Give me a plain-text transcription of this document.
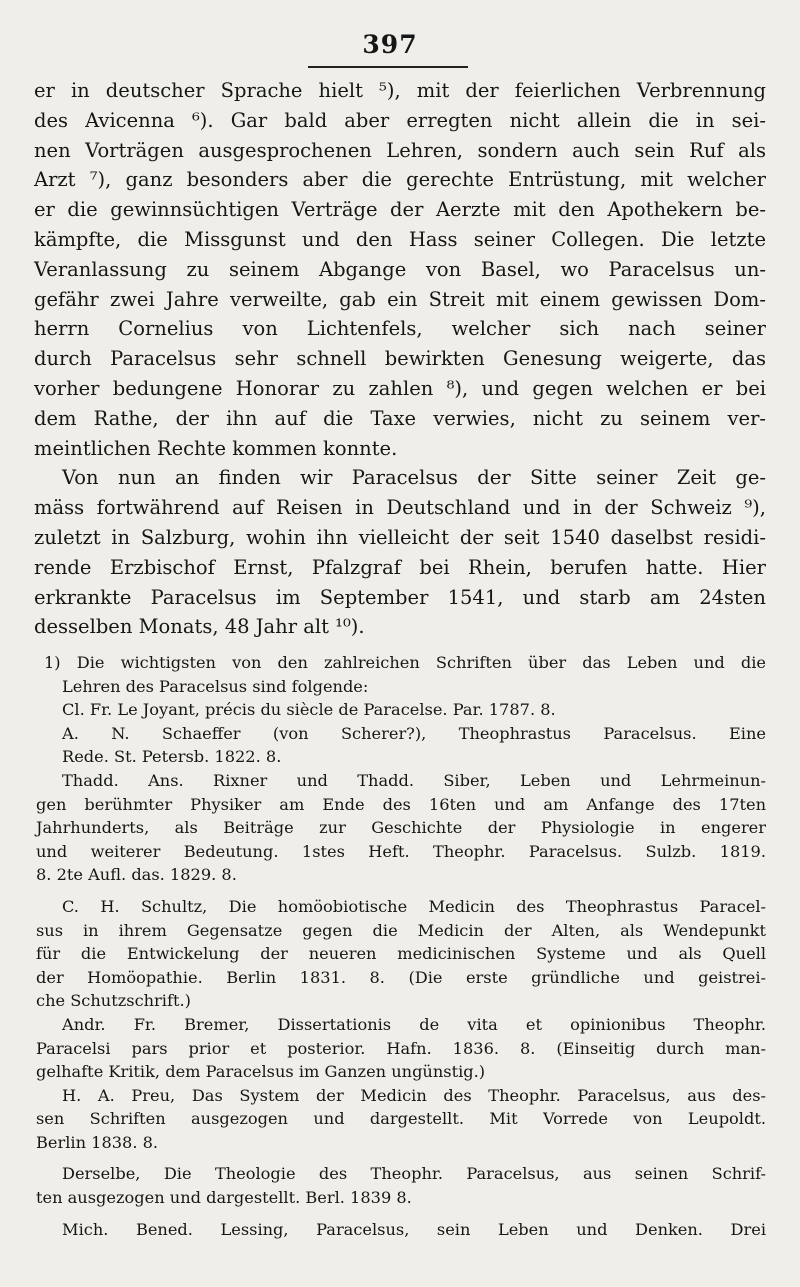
397
er in deutscher Sprache hielt ⁵), mit der feierlichen Verbrennung
des Avicenna ⁶). Gar bald aber erregten nicht allein die in sei-
nen Vorträgen ausgesprochenen Lehren, sondern auch sein Ruf als
Arzt ⁷), ganz besonders aber die gerechte Entrüstung, mit welcher
er die gewinnsüchtigen Verträge der Aerzte mit den Apothekern be-
kämpfte, die Missgunst und den Hass seiner Collegen. Die letzte
Veranlassung zu seinem Abgange von Basel, wo Paracelsus un-
gefähr zwei Jahre verweilte, gab ein Streit mit einem gewissen Dom-
herrn Cornelius von Lichtenfels, welcher sich nach seiner
durch Paracelsus sehr schnell bewirkten Genesung weigerte, das
vorher bedungene Honorar zu zahlen ⁸), und gegen welchen er bei
dem Rathe, der ihn auf die Taxe verwies, nicht zu seinem ver-
meintlichen Rechte kommen konnte.
Von nun an finden wir Paracelsus der Sitte seiner Zeit ge-
mäss fortwährend auf Reisen in Deutschland und in der Schweiz ⁹),
zuletzt in Salzburg, wohin ihn vielleicht der seit 1540 daselbst residi-
rende Erzbischof Ernst, Pfalzgraf bei Rhein, berufen hatte. Hier
erkrankte Paracelsus im September 1541, und starb am 24sten
desselben Monats, 48 Jahr alt ¹⁰).
1) Die wichtigsten von den zahlreichen Schriften über das Leben und die
Lehren des Paracelsus sind folgende:
Cl. Fr. Le Joyant, précis du siècle de Paracelse. Par. 1787. 8.
A. N. Schaeffer (von Scherer?), Theophrastus Paracelsus. Eine
Rede. St. Petersb. 1822. 8.
Thadd. Ans. Rixner und Thadd. Siber, Leben und Lehrmeinun-
gen berühmter Physiker am Ende des 16ten und am Anfange des 17ten
Jahrhunderts, als Beiträge zur Geschichte der Physiologie in engerer
und weiterer Bedeutung. 1stes Heft. Theophr. Paracelsus. Sulzb. 1819.
8. 2te Aufl. das. 1829. 8.
C. H. Schultz, Die homöobiotische Medicin des Theophrastus Paracel-
sus in ihrem Gegensatze gegen die Medicin der Alten, als Wendepunkt
für die Entwickelung der neueren medicinischen Systeme und als Quell
der Homöopathie. Berlin 1831. 8. (Die erste gründliche und geistrei-
che Schutzschrift.)
Andr. Fr. Bremer, Dissertationis de vita et opinionibus Theophr.
Paracelsi pars prior et posterior. Hafn. 1836. 8. (Einseitig durch man-
gelhafte Kritik, dem Paracelsus im Ganzen ungünstig.)
H. A. Preu, Das System der Medicin des Theophr. Paracelsus, aus des-
sen Schriften ausgezogen und dargestellt. Mit Vorrede von Leupoldt.
Berlin 1838. 8.
Derselbe, Die Theologie des Theophr. Paracelsus, aus seinen Schrif-
ten ausgezogen und dargestellt. Berl. 1839 8.
Mich. Bened. Lessing, Paracelsus, sein Leben und Denken. Drei
